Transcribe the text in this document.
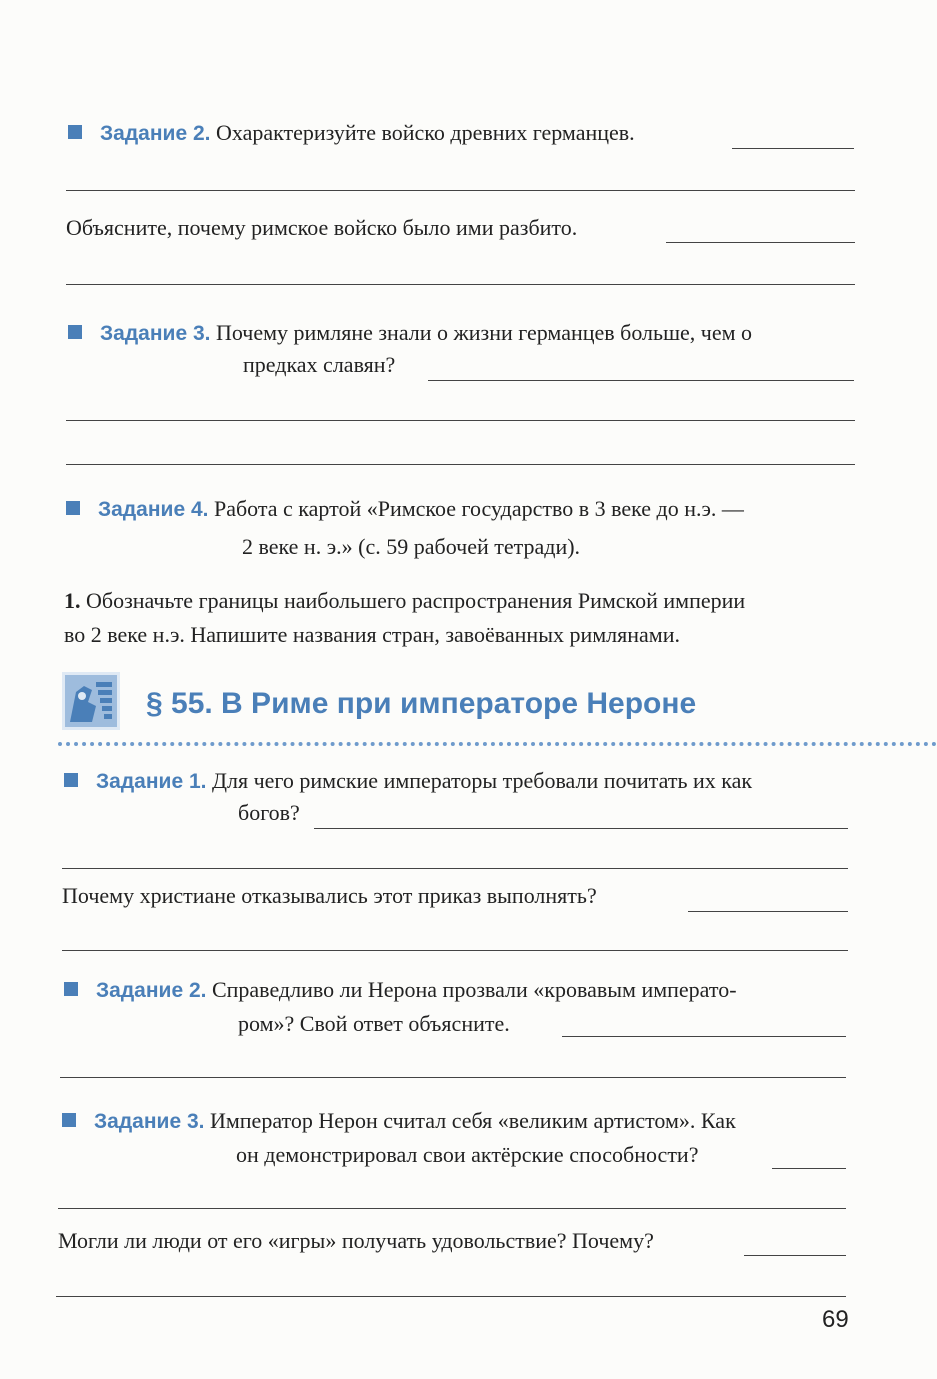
Задание 2. Охарактеризуйте войско древних германцев.
Объясните, почему римское войско было ими разбито.
Задание 3. Почему римляне знали о жизни германцев больше, чем о
предках славян?
Задание 4. Работа с картой «Римское государство в 3 веке до н.э. —
2 веке н. э.» (с. 59 рабочей тетради).
1. Обозначьте границы наибольшего распространения Римской империи
во 2 веке н.э. Напишите названия стран, завоёванных римлянами.
§ 55. В Риме при императоре Нероне
Задание 1. Для чего римские императоры требовали почитать их как
богов?
Почему христиане отказывались этот приказ выполнять?
Задание 2. Справедливо ли Нерона прозвали «кровавым императо-
ром»? Свой ответ объясните.
Задание 3. Император Нерон считал себя «великим артистом». Как
он демонстрировал свои актёрские способности?
Могли ли люди от его «игры» получать удовольствие? Почему?
69
